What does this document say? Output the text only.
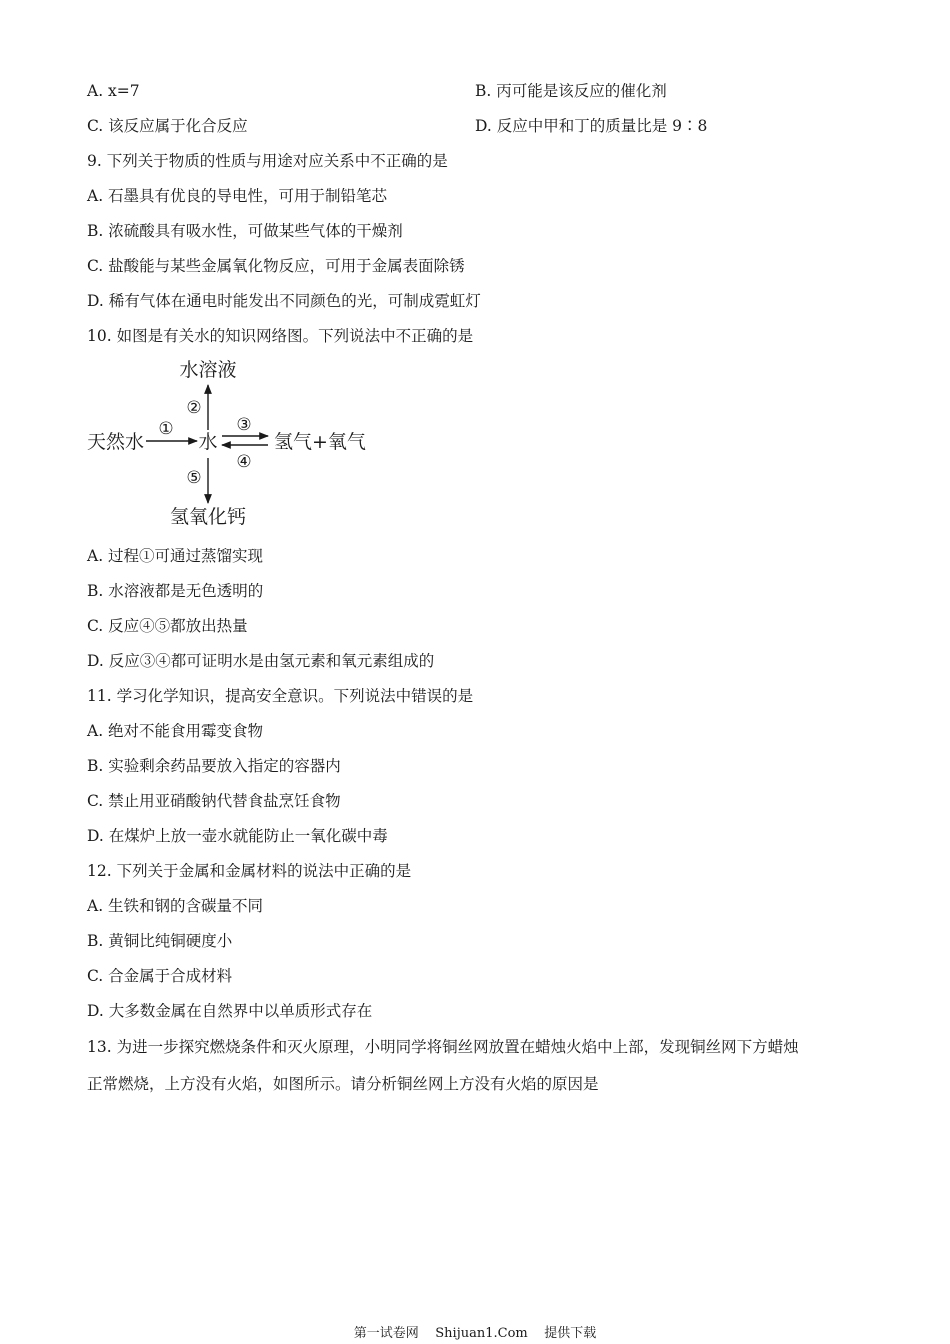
A. x=7	B. 丙可能是该反应的催化剂
C. 该反应属于化合反应	D. 反应中甲和丁的质量比是 9∶8
9. 下列关于物质的性质与用途对应关系中不正确的是
A. 石墨具有优良的导电性，可用于制铅笔芯
B. 浓硫酸具有吸水性，可做某些气体的干燥剂
C. 盐酸能与某些金属氧化物反应，可用于金属表面除锈
D. 稀有气体在通电时能发出不同颜色的光，可制成霓虹灯
10. 如图是有关水的知识网络图。下列说法中不正确的是
水溶液
天然水	水	氢气+氧气
氢氧化钙
①
②
③
④
⑤
A. 过程①可通过蒸馏实现
B. 水溶液都是无色透明的
C. 反应④⑤都放出热量
D. 反应③④都可证明水是由氢元素和氧元素组成的
11. 学习化学知识，提高安全意识。下列说法中错误的是
A. 绝对不能食用霉变食物
B. 实验剩余药品要放入指定的容器内
C. 禁止用亚硝酸钠代替食盐烹饪食物
D. 在煤炉上放一壶水就能防止一氧化碳中毒
12. 下列关于金属和金属材料的说法中正确的是
A. 生铁和钢的含碳量不同
B. 黄铜比纯铜硬度小
C. 合金属于合成材料
D. 大多数金属在自然界中以单质形式存在
13. 为进一步探究燃烧条件和灭火原理，小明同学将铜丝网放置在蜡烛火焰中上部，发现铜丝网下方蜡烛
正常燃烧，上方没有火焰，如图所示。请分析铜丝网上方没有火焰的原因是
第一试卷网    Shijuan1.Com    提供下载
